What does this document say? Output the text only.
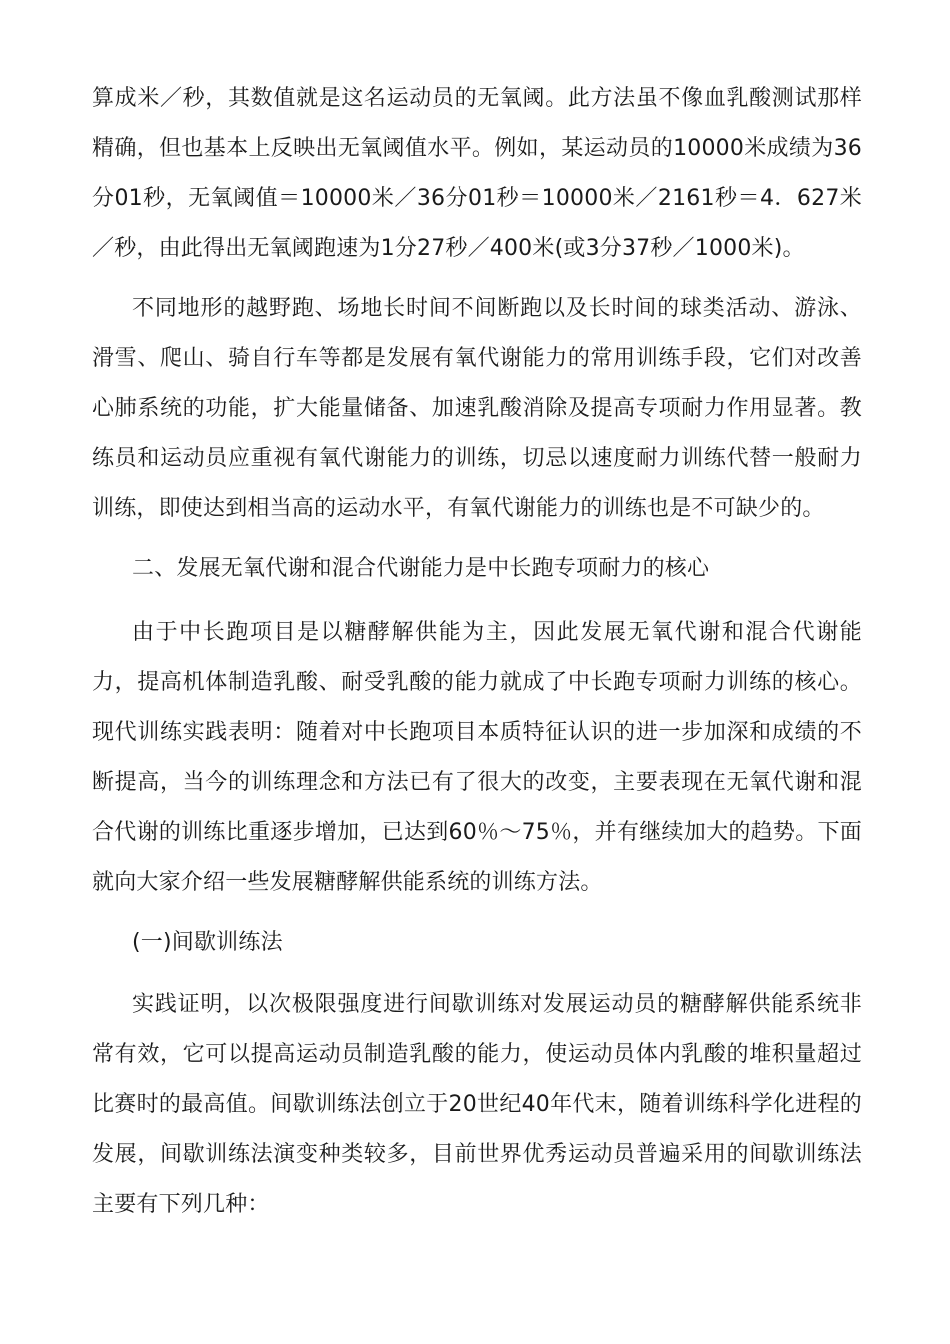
算成米／秒，其数值就是这名运动员的无氧阈。此方法虽不像血乳酸测试那样精确，但也基本上反映出无氧阈值水平。例如，某运动员的10000米成绩为36分01秒，无氧阈值＝10000米／36分01秒＝10000米／2161秒＝4．627米／秒，由此得出无氧阈跑速为1分27秒／400米(或3分37秒／1000米)。
不同地形的越野跑、场地长时间不间断跑以及长时间的球类活动、游泳、滑雪、爬山、骑自行车等都是发展有氧代谢能力的常用训练手段，它们对改善心肺系统的功能，扩大能量储备、加速乳酸消除及提高专项耐力作用显著。教练员和运动员应重视有氧代谢能力的训练，切忌以速度耐力训练代替一般耐力训练，即使达到相当高的运动水平，有氧代谢能力的训练也是不可缺少的。
二、发展无氧代谢和混合代谢能力是中长跑专项耐力的核心
由于中长跑项目是以糖酵解供能为主，因此发展无氧代谢和混合代谢能力，提高机体制造乳酸、耐受乳酸的能力就成了中长跑专项耐力训练的核心。现代训练实践表明：随着对中长跑项目本质特征认识的进一步加深和成绩的不断提高，当今的训练理念和方法已有了很大的改变，主要表现在无氧代谢和混合代谢的训练比重逐步增加，已达到60％～75％，并有继续加大的趋势。下面就向大家介绍一些发展糖酵解供能系统的训练方法。
(一)间歇训练法
实践证明，以次极限强度进行间歇训练对发展运动员的糖酵解供能系统非常有效，它可以提高运动员制造乳酸的能力，使运动员体内乳酸的堆积量超过比赛时的最高值。间歇训练法创立于20世纪40年代末，随着训练科学化进程的发展，间歇训练法演变种类较多，目前世界优秀运动员普遍采用的间歇训练法主要有下列几种：
